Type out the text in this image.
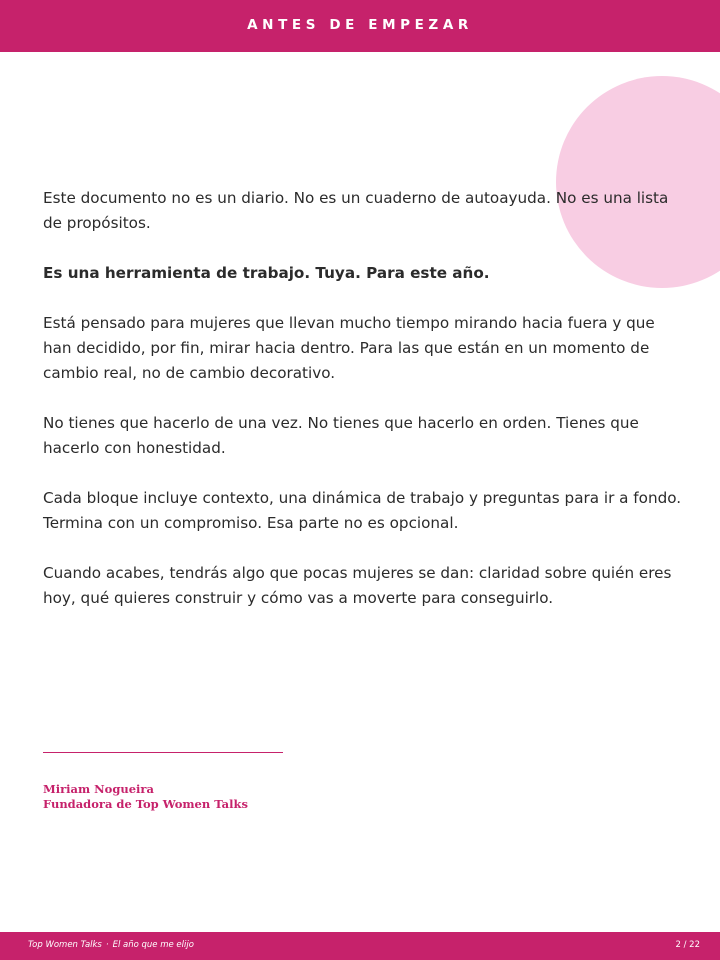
ANTES DE EMPEZAR

Este documento no es un diario. No es un cuaderno de autoayuda. No es una lista de propósitos.

Es una herramienta de trabajo. Tuya. Para este año.

Está pensado para mujeres que llevan mucho tiempo mirando hacia fuera y que han decidido, por fin, mirar hacia dentro. Para las que están en un momento de cambio real, no de cambio decorativo.

No tienes que hacerlo de una vez. No tienes que hacerlo en orden. Tienes que hacerlo con honestidad.

Cada bloque incluye contexto, una dinámica de trabajo y preguntas para ir a fondo. Termina con un compromiso. Esa parte no es opcional.

Cuando acabes, tendrás algo que pocas mujeres se dan: claridad sobre quién eres hoy, qué quieres construir y cómo vas a moverte para conseguirlo.

Miriam Nogueira
Fundadora de Top Women Talks
Top Women Talks · El año que me elijo	2 / 22
